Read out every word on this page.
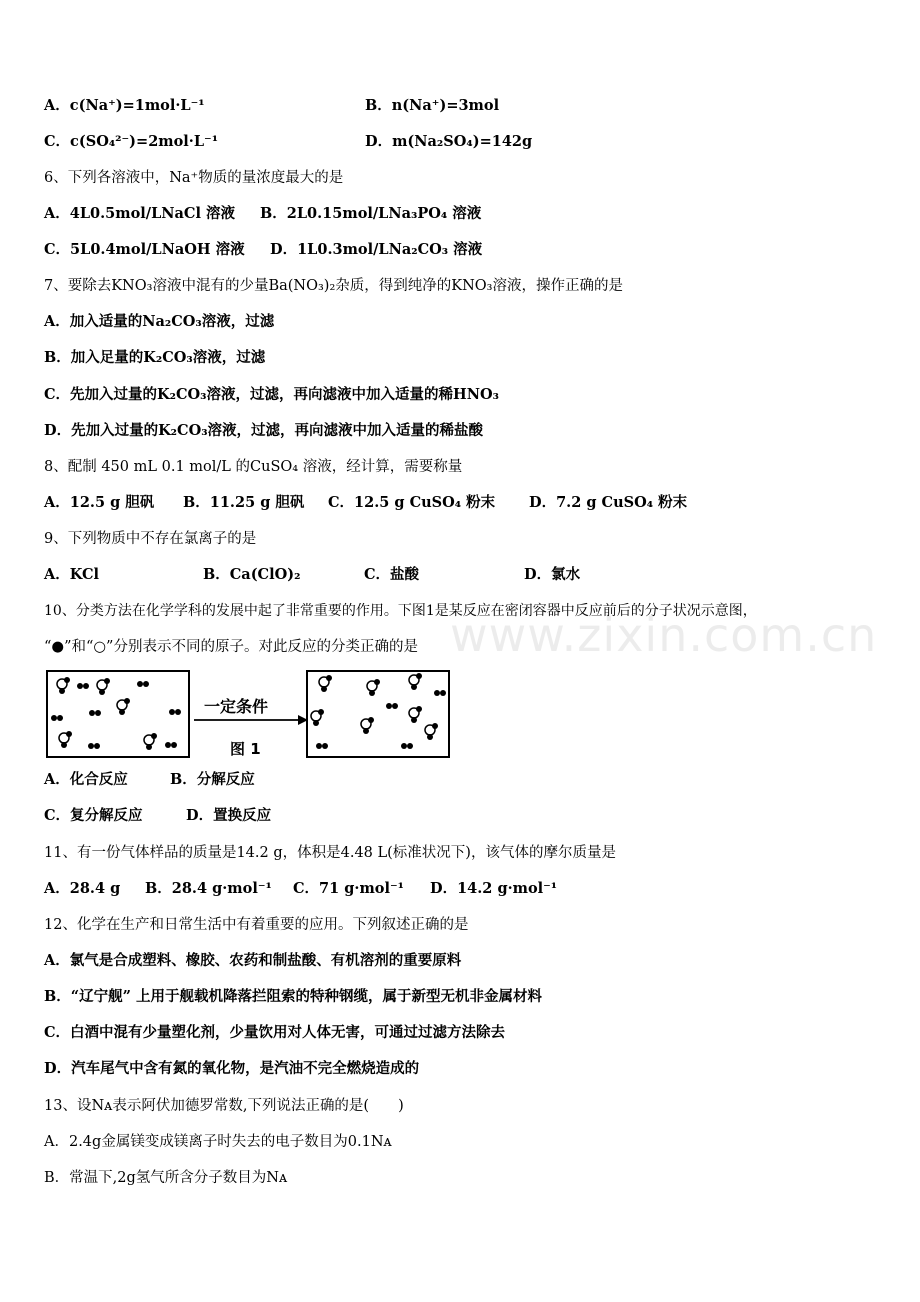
www.zixin.com.cn
A．c(Na⁺)=1mol·L⁻¹	B．n(Na⁺)=3mol
C．c(SO₄²⁻)=2mol·L⁻¹	D．m(Na₂SO₄)=142g
6、下列各溶液中，Na⁺物质的量浓度最大的是
A．4L0.5mol/LNaCl 溶液 B．2L0.15mol/LNa₃PO₄ 溶液
C．5L0.4mol/LNaOH 溶液 D．1L0.3mol/LNa₂CO₃ 溶液
7、要除去KNO₃溶液中混有的少量Ba(NO₃)₂杂质，得到纯净的KNO₃溶液，操作正确的是
A．加入适量的Na₂CO₃溶液，过滤
B．加入足量的K₂CO₃溶液，过滤
C．先加入过量的K₂CO₃溶液，过滤，再向滤液中加入适量的稀HNO₃
D．先加入过量的K₂CO₃溶液，过滤，再向滤液中加入适量的稀盐酸
8、配制 450 mL 0.1 mol/L 的CuSO₄ 溶液，经计算，需要称量
A．12.5 g 胆矾 B．11.25 g 胆矾 C．12.5 g CuSO₄ 粉末 D．7.2 g CuSO₄ 粉末
9、下列物质中不存在氯离子的是
A．KCl	B．Ca(ClO)₂	C．盐酸	D．氯水
10、分类方法在化学学科的发展中起了非常重要的作用。下图1是某反应在密闭容器中反应前后的分子状况示意图，
“●”和“○”分别表示不同的原子。对此反应的分类正确的是
一定条件
图 1
A．化合反应	B．分解反应
C．复分解反应	D．置换反应
11、有一份气体样品的质量是14.2 g，体积是4.48 L(标准状况下)，该气体的摩尔质量是
A．28.4 g B．28.4 g·mol⁻¹ C．71 g·mol⁻¹ D．14.2 g·mol⁻¹
12、化学在生产和日常生活中有着重要的应用。下列叙述正确的是
A．氯气是合成塑料、橡胶、农药和制盐酸、有机溶剂的重要原料
B．“辽宁舰” 上用于舰载机降落拦阻索的特种钢缆，属于新型无机非金属材料
C．白酒中混有少量塑化剂，少量饮用对人体无害，可通过过滤方法除去
D．汽车尾气中含有氮的氧化物，是汽油不完全燃烧造成的
13、设Nᴀ表示阿伏加德罗常数,下列说法正确的是(　　)
A．2.4g金属镁变成镁离子时失去的电子数目为0.1Nᴀ
B．常温下,2g氢气所含分子数目为Nᴀ
